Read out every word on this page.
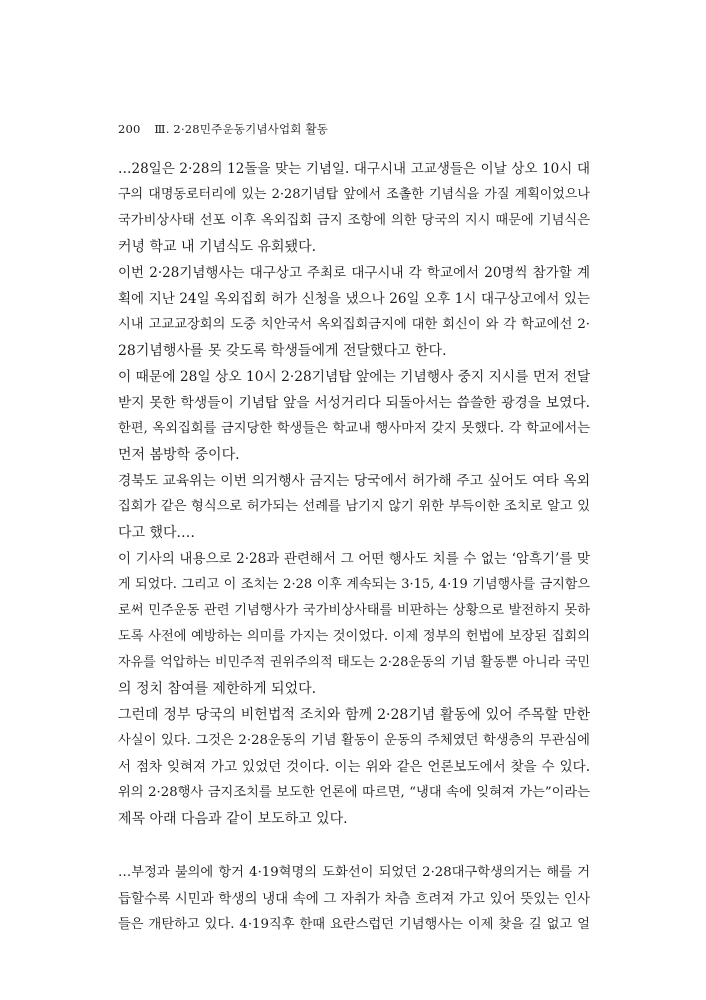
200 Ⅲ. 2·28민주운동기념사업회 활동
…28일은 2·28의 12돌을 맞는 기념일. 대구시내 고교생들은 이날 상오 10시 대
구의 대명동로터리에 있는 2·28기념탑 앞에서 조촐한 기념식을 가질 계획이었으나
국가비상사태 선포 이후 옥외집회 금지 조항에 의한 당국의 지시 때문에 기념식은
커녕 학교 내 기념식도 유회됐다.
이번 2·28기념행사는 대구상고 주최로 대구시내 각 학교에서 20명씩 참가할 계
획에 지난 24일 옥외집회 허가 신청을 냈으나 26일 오후 1시 대구상고에서 있는
시내 고교교장회의 도중 치안국서 옥외집회금지에 대한 회신이 와 각 학교에선 2·
28기념행사를 못 갖도록 학생들에게 전달했다고 한다.
이 때문에 28일 상오 10시 2·28기념탑 앞에는 기념행사 중지 지시를 먼저 전달
받지 못한 학생들이 기념탑 앞을 서성거리다 되돌아서는 씁쓸한 광경을 보였다.
한편, 옥외집회를 금지당한 학생들은 학교내 행사마저 갖지 못했다. 각 학교에서는
먼저 봄방학 중이다.
경북도 교육위는 이번 의거행사 금지는 당국에서 허가해 주고 싶어도 여타 옥외
집회가 같은 형식으로 허가되는 선례를 남기지 않기 위한 부득이한 조치로 알고 있
다고 했다.…
이 기사의 내용으로 2·28과 관련해서 그 어떤 행사도 치를 수 없는 ‘암흑기’를 맞
게 되었다. 그리고 이 조치는 2·28 이후 계속되는 3·15, 4·19 기념행사를 금지함으
로써 민주운동 관련 기념행사가 국가비상사태를 비판하는 상황으로 발전하지 못하
도록 사전에 예방하는 의미를 가지는 것이었다. 이제 정부의 헌법에 보장된 집회의
자유를 억압하는 비민주적 권위주의적 태도는 2·28운동의 기념 활동뿐 아니라 국민
의 정치 참여를 제한하게 되었다.
그런데 정부 당국의 비헌법적 조치와 함께 2·28기념 활동에 있어 주목할 만한
사실이 있다. 그것은 2·28운동의 기념 활동이 운동의 주체였던 학생층의 무관심에
서 점차 잊혀져 가고 있었던 것이다. 이는 위와 같은 언론보도에서 찾을 수 있다.
위의 2·28행사 금지조치를 보도한 언론에 따르면, “냉대 속에 잊혀져 가는”이라는
제목 아래 다음과 같이 보도하고 있다.
…부정과 불의에 항거 4·19혁명의 도화선이 되었던 2·28대구학생의거는 해를 거
듭할수록 시민과 학생의 냉대 속에 그 자취가 차츰 흐려져 가고 있어 뜻있는 인사
들은 개탄하고 있다. 4·19직후 한때 요란스럽던 기념행사는 이제 찾을 길 없고 얼
